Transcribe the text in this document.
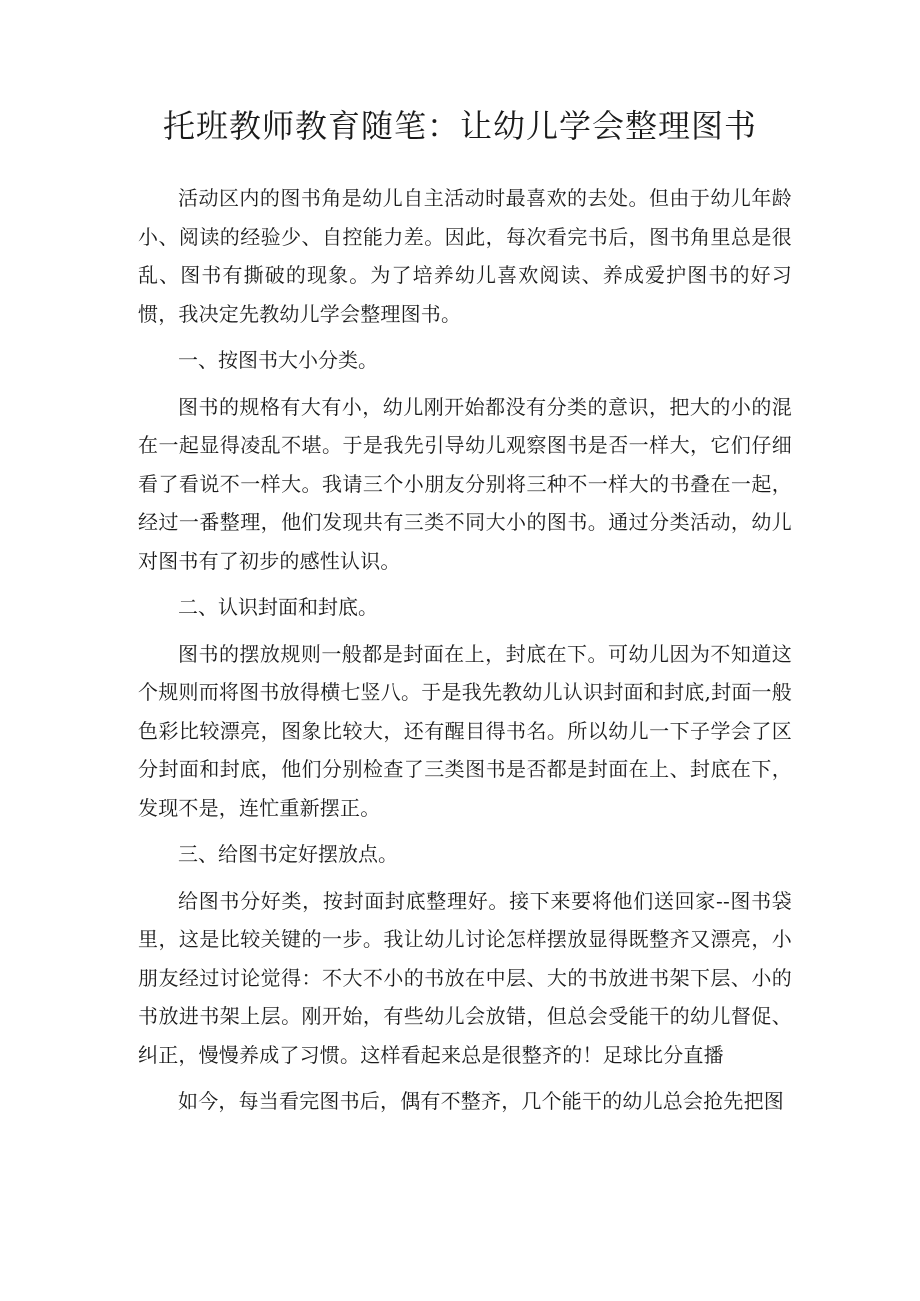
托班教师教育随笔：让幼儿学会整理图书

活动区内的图书角是幼儿自主活动时最喜欢的去处。但由于幼儿年龄小、阅读的经验少、自控能力差。因此，每次看完书后，图书角里总是很乱、图书有撕破的现象。为了培养幼儿喜欢阅读、养成爱护图书的好习惯，我决定先教幼儿学会整理图书。

一、按图书大小分类。

图书的规格有大有小，幼儿刚开始都没有分类的意识，把大的小的混在一起显得凌乱不堪。于是我先引导幼儿观察图书是否一样大，它们仔细看了看说不一样大。我请三个小朋友分别将三种不一样大的书叠在一起，经过一番整理，他们发现共有三类不同大小的图书。通过分类活动，幼儿对图书有了初步的感性认识。

二、认识封面和封底。

图书的摆放规则一般都是封面在上，封底在下。可幼儿因为不知道这个规则而将图书放得横七竖八。于是我先教幼儿认识封面和封底,封面一般色彩比较漂亮，图象比较大，还有醒目得书名。所以幼儿一下子学会了区分封面和封底，他们分别检查了三类图书是否都是封面在上、封底在下，发现不是，连忙重新摆正。

三、给图书定好摆放点。

给图书分好类，按封面封底整理好。接下来要将他们送回家--图书袋里，这是比较关键的一步。我让幼儿讨论怎样摆放显得既整齐又漂亮，小朋友经过讨论觉得：不大不小的书放在中层、大的书放进书架下层、小的书放进书架上层。刚开始，有些幼儿会放错，但总会受能干的幼儿督促、纠正，慢慢养成了习惯。这样看起来总是很整齐的！足球比分直播

如今，每当看完图书后，偶有不整齐，几个能干的幼儿总会抢先把图
